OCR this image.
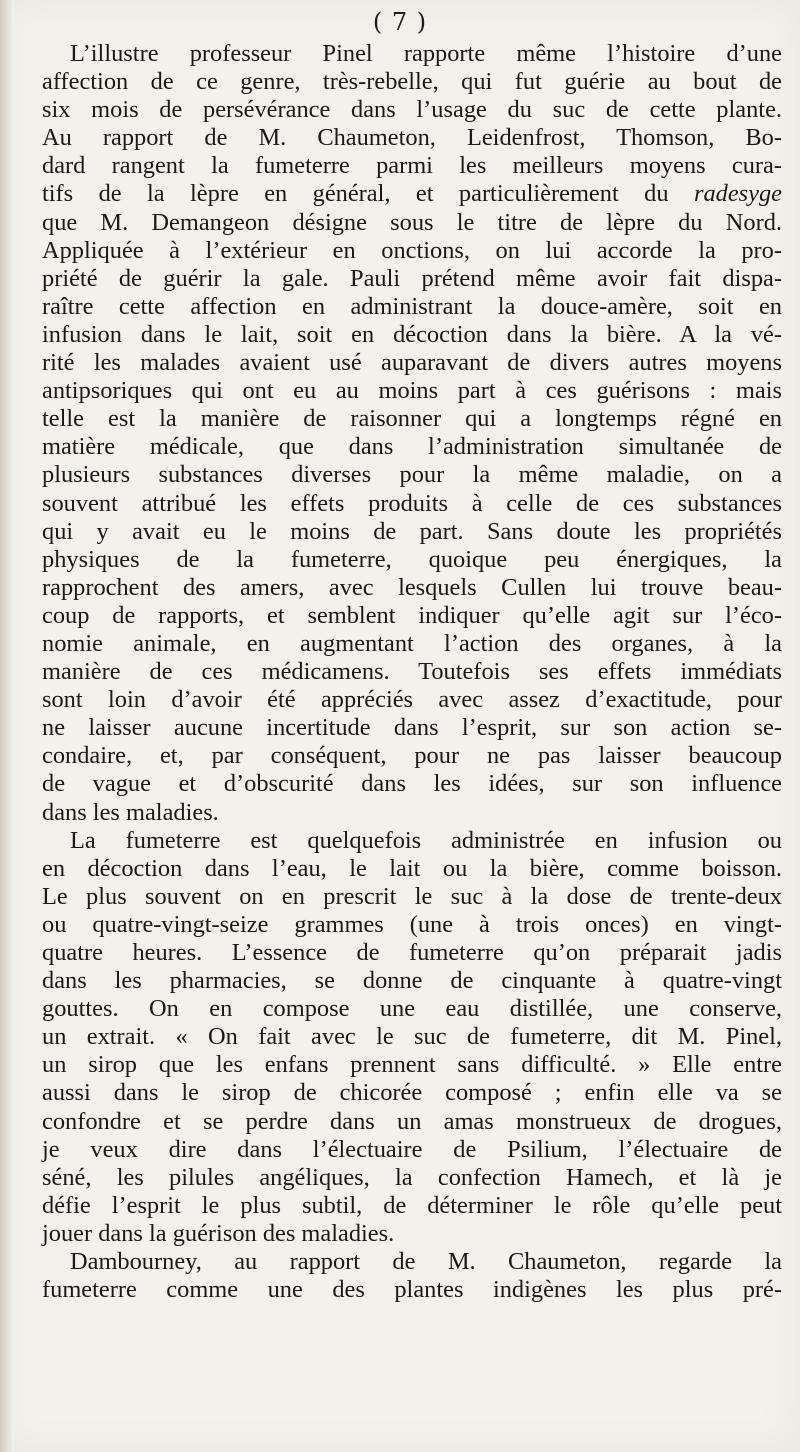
( 7 )
L’illustre professeur Pinel rapporte même l’histoire d’une
affection de ce genre, très-rebelle, qui fut guérie au bout de
six mois de persévérance dans l’usage du suc de cette plante.
Au rapport de M. Chaumeton, Leidenfrost, Thomson, Bo-
dard rangent la fumeterre parmi les meilleurs moyens cura-
tifs de la lèpre en général, et particulièrement du radesyge
que M. Demangeon désigne sous le titre de lèpre du Nord.
Appliquée à l’extérieur en onctions, on lui accorde la pro-
priété de guérir la gale. Pauli prétend même avoir fait dispa-
raître cette affection en administrant la douce-amère, soit en
infusion dans le lait, soit en décoction dans la bière. A la vé-
rité les malades avaient usé auparavant de divers autres moyens
antipsoriques qui ont eu au moins part à ces guérisons : mais
telle est la manière de raisonner qui a longtemps régné en
matière médicale, que dans l’administration simultanée de
plusieurs substances diverses pour la même maladie, on a
souvent attribué les effets produits à celle de ces substances
qui y avait eu le moins de part. Sans doute les propriétés
physiques de la fumeterre, quoique peu énergiques, la
rapprochent des amers, avec lesquels Cullen lui trouve beau-
coup de rapports, et semblent indiquer qu’elle agit sur l’éco-
nomie animale, en augmentant l’action des organes, à la
manière de ces médicamens. Toutefois ses effets immédiats
sont loin d’avoir été appréciés avec assez d’exactitude, pour
ne laisser aucune incertitude dans l’esprit, sur son action se-
condaire, et, par conséquent, pour ne pas laisser beaucoup
de vague et d’obscurité dans les idées, sur son influence
dans les maladies.
La fumeterre est quelquefois administrée en infusion ou
en décoction dans l’eau, le lait ou la bière, comme boisson.
Le plus souvent on en prescrit le suc à la dose de trente-deux
ou quatre-vingt-seize grammes (une à trois onces) en vingt-
quatre heures. L’essence de fumeterre qu’on préparait jadis
dans les pharmacies, se donne de cinquante à quatre-vingt
gouttes. On en compose une eau distillée, une conserve,
un extrait. « On fait avec le suc de fumeterre, dit M. Pinel,
un sirop que les enfans prennent sans difficulté. » Elle entre
aussi dans le sirop de chicorée composé ; enfin elle va se
confondre et se perdre dans un amas monstrueux de drogues,
je veux dire dans l’électuaire de Psilium, l’électuaire de
séné, les pilules angéliques, la confection Hamech, et là je
défie l’esprit le plus subtil, de déterminer le rôle qu’elle peut
jouer dans la guérison des maladies.
Dambourney, au rapport de M. Chaumeton, regarde la
fumeterre comme une des plantes indigènes les plus pré-
